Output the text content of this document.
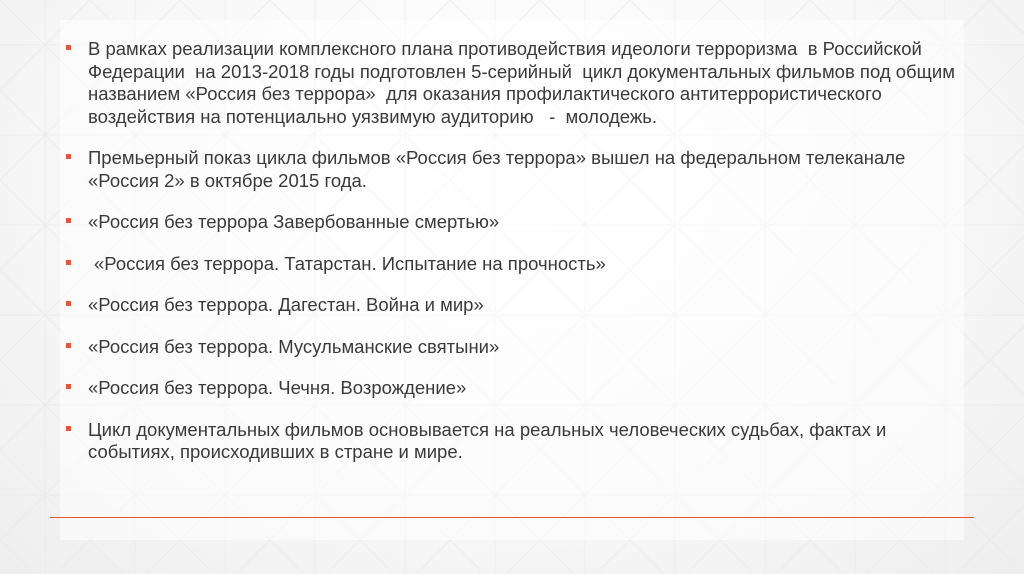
В рамках реализации комплексного плана противодействия идеологи терроризма  в Российской Федерации  на 2013-2018 годы подготовлен 5-серийный  цикл документальных фильмов под общим названием «Россия без террора»  для оказания профилактического антитеррористического воздействия на потенциально уязвимую аудиторию   -  молодежь.
Премьерный показ цикла фильмов «Россия без террора» вышел на федеральном телеканале «Россия 2» в октябре 2015 года.
«Россия без террора Завербованные смертью»
«Россия без террора. Татарстан. Испытание на прочность»
«Россия без террора. Дагестан. Война и мир»
«Россия без террора. Мусульманские святыни»
«Россия без террора. Чечня. Возрождение»
Цикл документальных фильмов основывается на реальных человеческих судьбах, фактах и событиях, происходивших в стране и мире.
